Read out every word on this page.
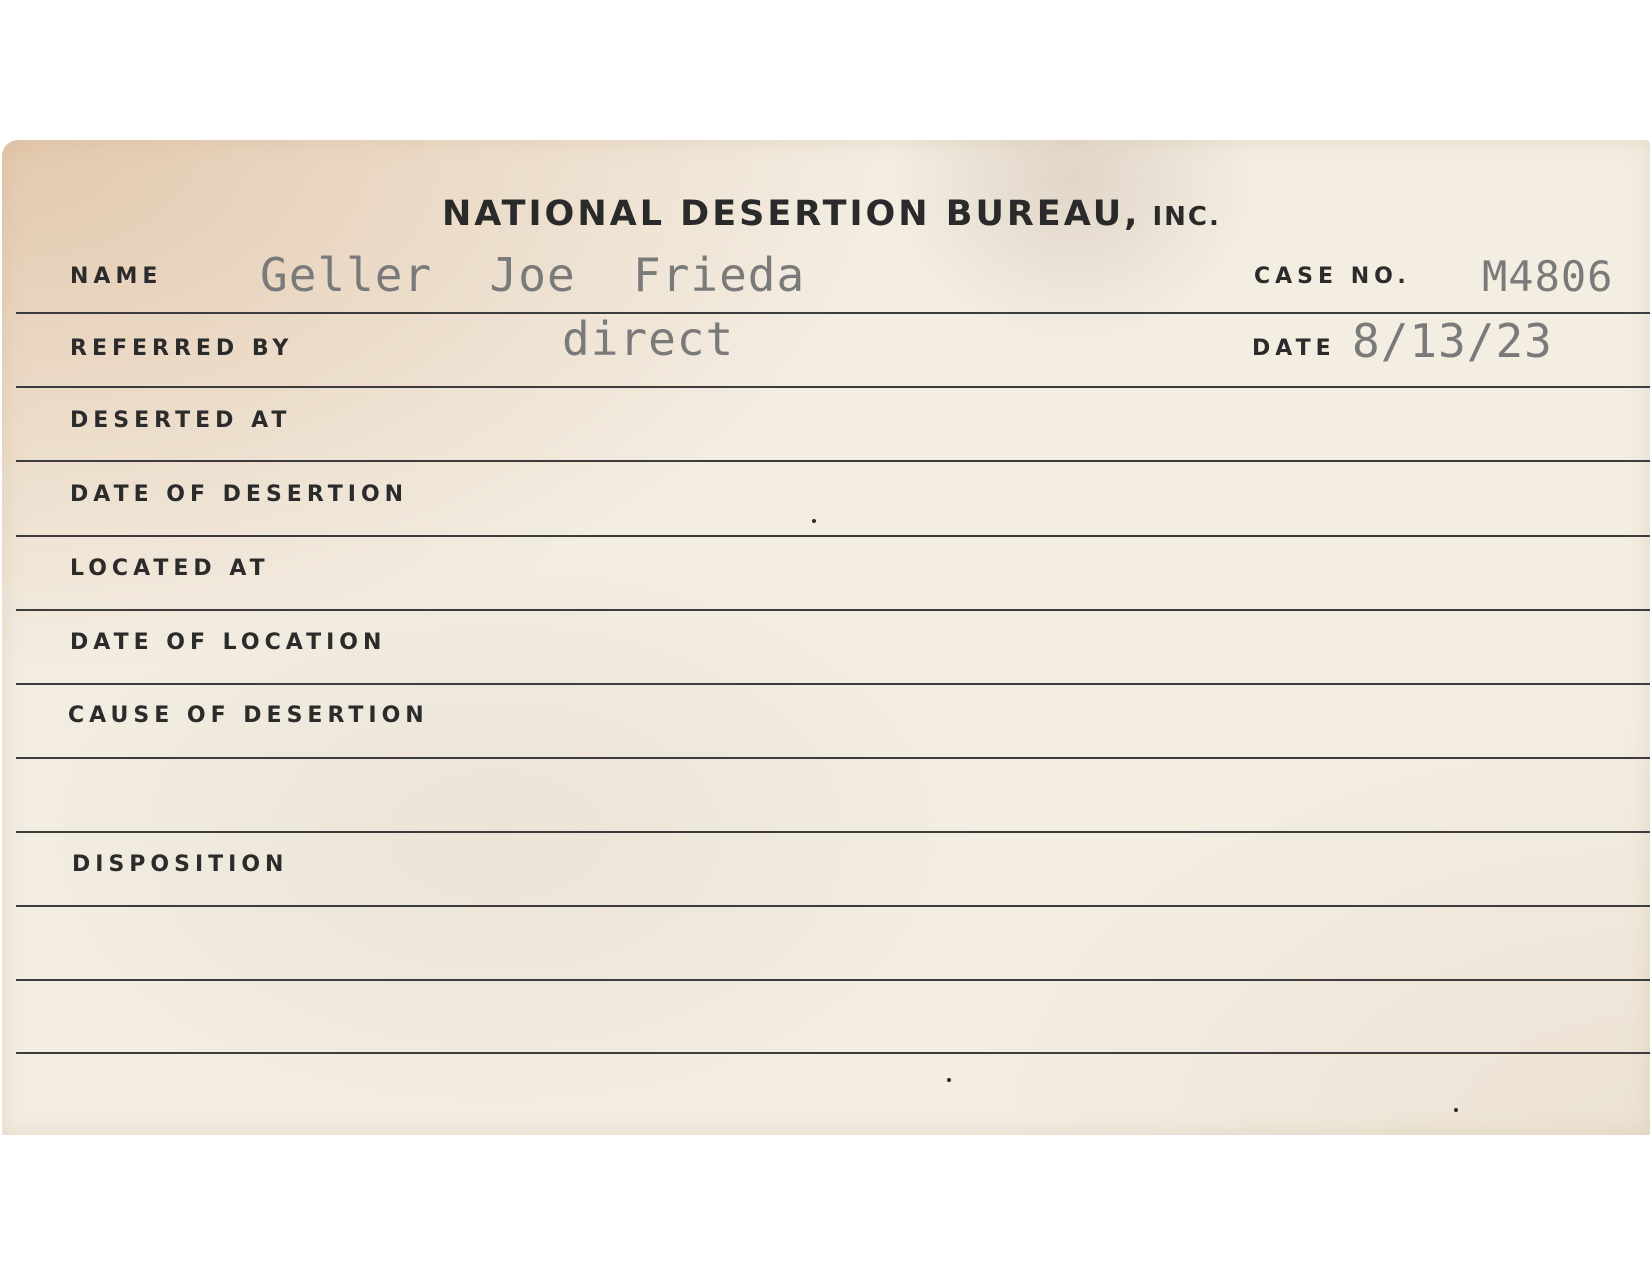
NATIONAL DESERTION BUREAU, INC.
NAME Geller  Joe  Frieda	CASE NO. M4806
REFERRED BY	direct	DATE 8/13/23
DESERTED AT
DATE OF DESERTION
LOCATED AT
DATE OF LOCATION
CAUSE OF DESERTION
DISPOSITION
